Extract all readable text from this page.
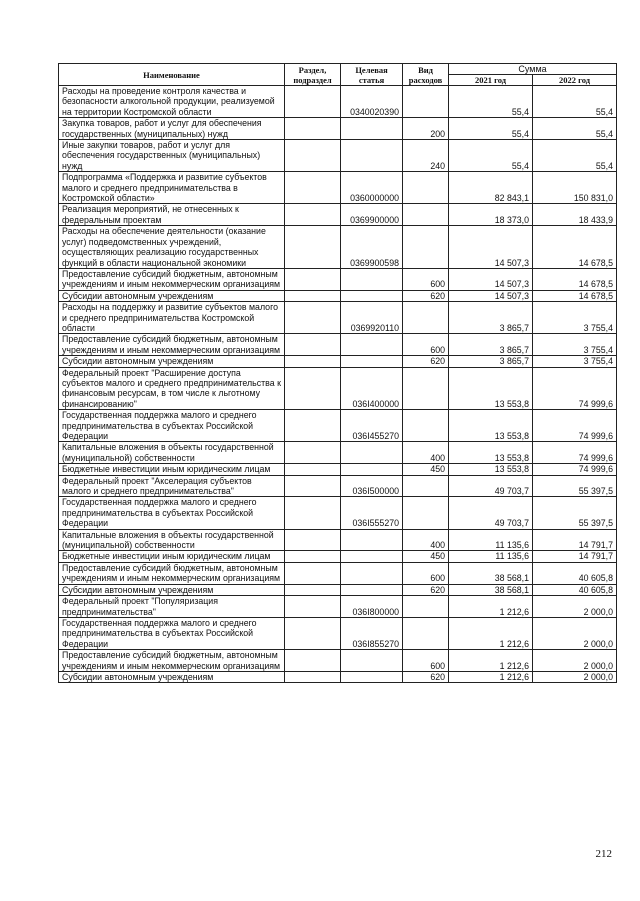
Наименование	Раздел, подраздел	Целевая статья	Вид расходов	Сумма	
				2021 год	2022 год
Расходы на проведение контроля качества и безопасности алкогольной продукции, реализуемой на территории Костромской области		0340020390		55,4	55,4
Закупка товаров, работ и услуг для обеспечения государственных (муниципальных) нужд			200	55,4	55,4
Иные закупки товаров, работ и услуг для обеспечения государственных (муниципальных) нужд			240	55,4	55,4
Подпрограмма «Поддержка и развитие субъектов малого и среднего предпринимательства в Костромской области»		0360000000		82 843,1	150 831,0
Реализация мероприятий, не отнесенных к федеральным проектам		0369900000		18 373,0	18 433,9
Расходы на обеспечение деятельности (оказание услуг) подведомственных учреждений, осуществляющих реализацию государственных функций в области национальной экономики		0369900598		14 507,3	14 678,5
Предоставление субсидий бюджетным, автономным учреждениям и иным некоммерческим организациям			600	14 507,3	14 678,5
Субсидии автономным учреждениям			620	14 507,3	14 678,5
Расходы на поддержку и развитие субъектов малого и среднего предпринимательства Костромской области		0369920110		3 865,7	3 755,4
Предоставление субсидий бюджетным, автономным учреждениям и иным некоммерческим организациям			600	3 865,7	3 755,4
Субсидии автономным учреждениям			620	3 865,7	3 755,4
Федеральный проект "Расширение доступа субъектов малого и среднего предпринимательства к финансовым ресурсам, в том числе к льготному финансированию"		036I400000		13 553,8	74 999,6
Государственная поддержка малого и среднего предпринимательства в субъектах Российской Федерации		036I455270		13 553,8	74 999,6
Капитальные вложения в объекты государственной (муниципальной) собственности			400	13 553,8	74 999,6
Бюджетные инвестиции иным юридическим лицам			450	13 553,8	74 999,6
Федеральный проект "Акселерация субъектов малого и среднего предпринимательства"		036I500000		49 703,7	55 397,5
Государственная поддержка малого и среднего предпринимательства в субъектах Российской Федерации		036I555270		49 703,7	55 397,5
Капитальные вложения в объекты государственной (муниципальной) собственности			400	11 135,6	14 791,7
Бюджетные инвестиции иным юридическим лицам			450	11 135,6	14 791,7
Предоставление субсидий бюджетным, автономным учреждениям и иным некоммерческим организациям			600	38 568,1	40 605,8
Субсидии автономным учреждениям			620	38 568,1	40 605,8
Федеральный проект "Популяризация предпринимательства"		036I800000		1 212,6	2 000,0
Государственная поддержка малого и среднего предпринимательства в субъектах Российской Федерации		036I855270		1 212,6	2 000,0
Предоставление субсидий бюджетным, автономным учреждениям и иным некоммерческим организациям			600	1 212,6	2 000,0
Субсидии автономным учреждениям			620	1 212,6	2 000,0
212
